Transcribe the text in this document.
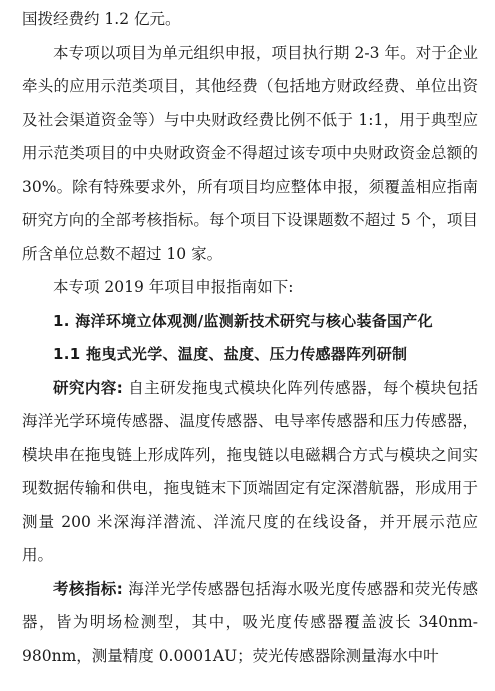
国拨经费约 1.2 亿元。

本专项以项目为单元组织申报，项目执行期 2-3 年。对于企业牵头的应用示范类项目，其他经费（包括地方财政经费、单位出资及社会渠道资金等）与中央财政经费比例不低于 1:1，用于典型应用示范类项目的中央财政资金不得超过该专项中央财政资金总额的 30%。除有特殊要求外，所有项目均应整体申报，须覆盖相应指南研究方向的全部考核指标。每个项目下设课题数不超过 5 个，项目所含单位总数不超过 10 家。

本专项 2019 年项目申报指南如下:

1. 海洋环境立体观测/监测新技术研究与核心装备国产化

1.1 拖曳式光学、温度、盐度、压力传感器阵列研制

研究内容: 自主研发拖曳式模块化阵列传感器，每个模块包括海洋光学环境传感器、温度传感器、电导率传感器和压力传感器，模块串在拖曳链上形成阵列，拖曳链以电磁耦合方式与模块之间实现数据传输和供电，拖曳链末下顶端固定有定深潜航器，形成用于测量 200 米深海洋潜流、洋流尺度的在线设备，并开展示范应用。

考核指标: 海洋光学传感器包括海水吸光度传感器和荧光传感器，皆为明场检测型，其中，吸光度传感器覆盖波长 340nm-980nm，测量精度 0.0001AU；荧光传感器除测量海水中叶
